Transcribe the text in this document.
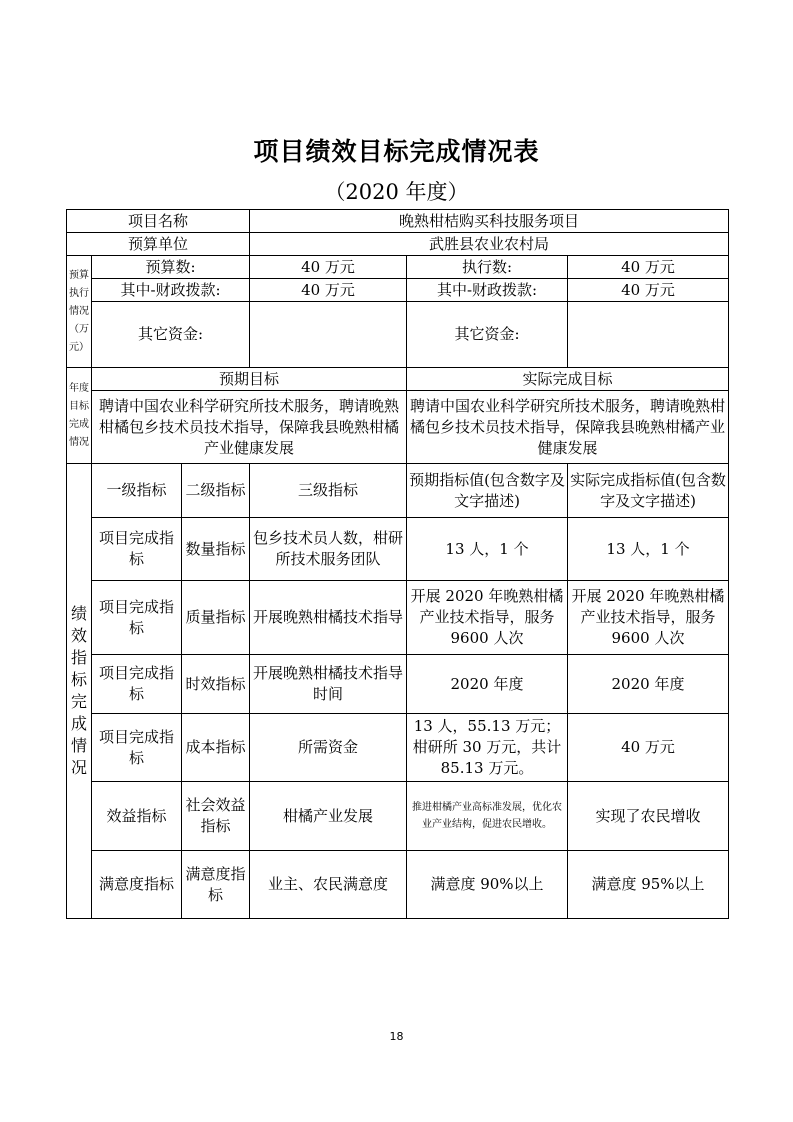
项目绩效目标完成情况表
（2020 年度）
项目名称			晚熟柑桔购买科技服务项目		
预算单位			武胜县农业农村局		
预算执行情况（万元）	预算数:		40 万元	执行数:	40 万元
	其中-财政拨款:		40 万元	其中-财政拨款:	40 万元
	其它资金:			其它资金:	
年度目标完成情况	预期目标			实际完成目标	
	聘请中国农业科学研究所技术服务，聘请晚熟柑橘包乡技术员技术指导，保障我县晚熟柑橘产业健康发展			聘请中国农业科学研究所技术服务，聘请晚熟柑橘包乡技术员技术指导，保障我县晚熟柑橘产业健康发展	
绩效指标完成情况	一级指标	二级指标	三级指标	预期指标值(包含数字及文字描述)	实际完成指标值(包含数字及文字描述)
	项目完成指标	数量指标	包乡技术员人数，柑研所技术服务团队	13 人，1 个	13 人，1 个
	项目完成指标	质量指标	开展晚熟柑橘技术指导	开展 2020 年晚熟柑橘产业技术指导，服务9600 人次	开展 2020 年晚熟柑橘产业技术指导，服务9600 人次
	项目完成指标	时效指标	开展晚熟柑橘技术指导时间	2020 年度	2020 年度
	项目完成指标	成本指标	所需资金	13 人，55.13 万元；柑研所 30 万元，共计85.13 万元。	40 万元
	效益指标	社会效益指标	柑橘产业发展	推进柑橘产业高标准发展，优化农业产业结构，促进农民增收。	实现了农民增收
	满意度指标	满意度指标	业主、农民满意度	满意度 90%以上	满意度 95%以上
18
